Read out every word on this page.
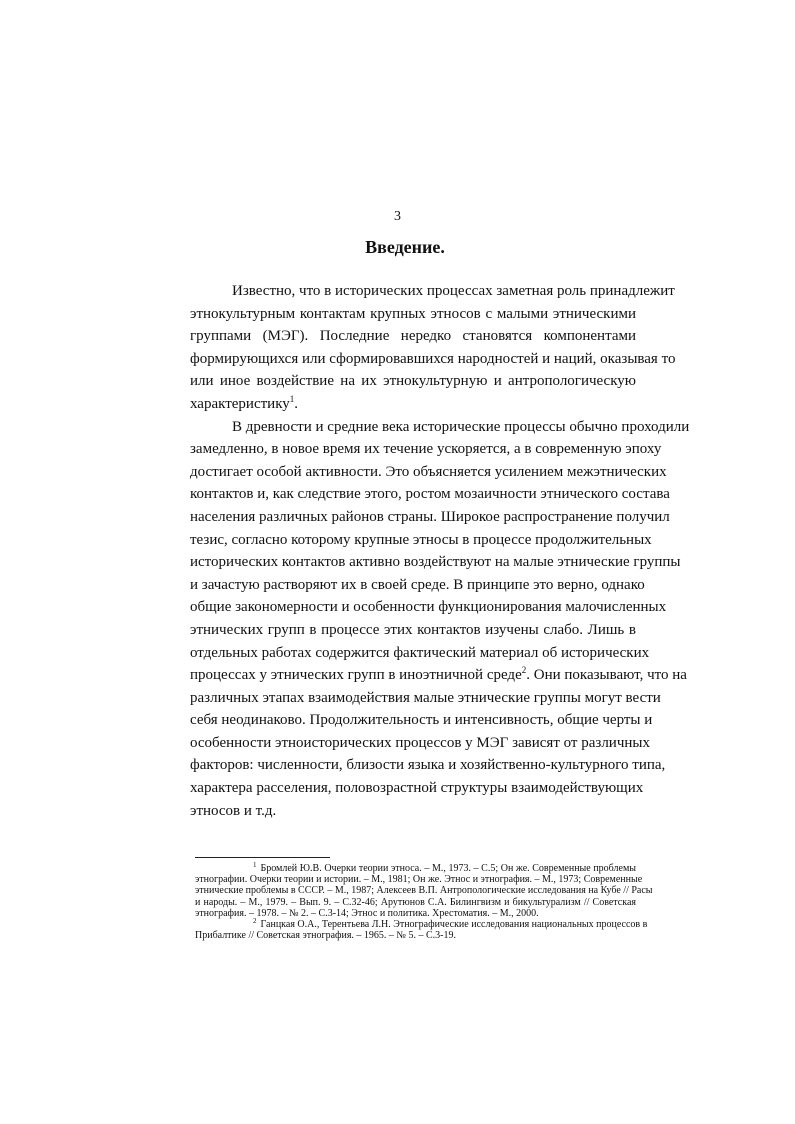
3
Введение.
Известно, что в исторических процессах заметная роль принадлежит
этнокультурным контактам крупных этносов с малыми этническими
группами (МЭГ). Последние нередко становятся компонентами
формирующихся или сформировавшихся народностей и наций, оказывая то
или иное воздействие на их этнокультурную и антропологическую
характеристику$^1$.
В древности и средние века исторические процессы обычно проходили
замедленно, в новое время их течение ускоряется, а в современную эпоху
достигает особой активности. Это объясняется усилением межэтнических
контактов и, как следствие этого, ростом мозаичности этнического состава
населения различных районов страны. Широкое распространение получил
тезис, согласно которому крупные этносы в процессе продолжительных
исторических контактов активно воздействуют на малые этнические группы
и зачастую растворяют их в своей среде. В принципе это верно, однако
общие закономерности и особенности функционирования малочисленных
этнических групп в процессе этих контактов изучены слабо. Лишь в
отдельных работах содержится фактический материал об исторических
процессах у этнических групп в иноэтничной среде$^2$. Они показывают, что на
различных этапах взаимодействия малые этнические группы могут вести
себя неодинаково. Продолжительность и интенсивность, общие черты и
особенности этноисторических процессов у МЭГ зависят от различных
факторов: численности, близости языка и хозяйственно-культурного типа,
характера расселения, половозрастной структуры взаимодействующих
этносов и т.д.
$^1$ Бромлей Ю.В. Очерки теории этноса. – М., 1973. – С.5; Он же. Современные проблемы
этнографии. Очерки теории и истории. – М., 1981; Он же. Этнос и этнография. – М., 1973; Современные
этнические проблемы в СССР. – М., 1987; Алексеев В.П. Антропологические исследования на Кубе // Расы
и народы. – М., 1979. – Вып. 9. – С.32-46; Арутюнов С.А. Билингвизм и бикультурализм // Советская
этнография. – 1978. – № 2. – С.3-14; Этнос и политика. Хрестоматия. – М., 2000.
$^2$ Ганцкая О.А., Терентьева Л.Н. Этнографические исследования национальных процессов в
Прибалтике // Советская этнография. – 1965. – № 5. – С.3-19.
